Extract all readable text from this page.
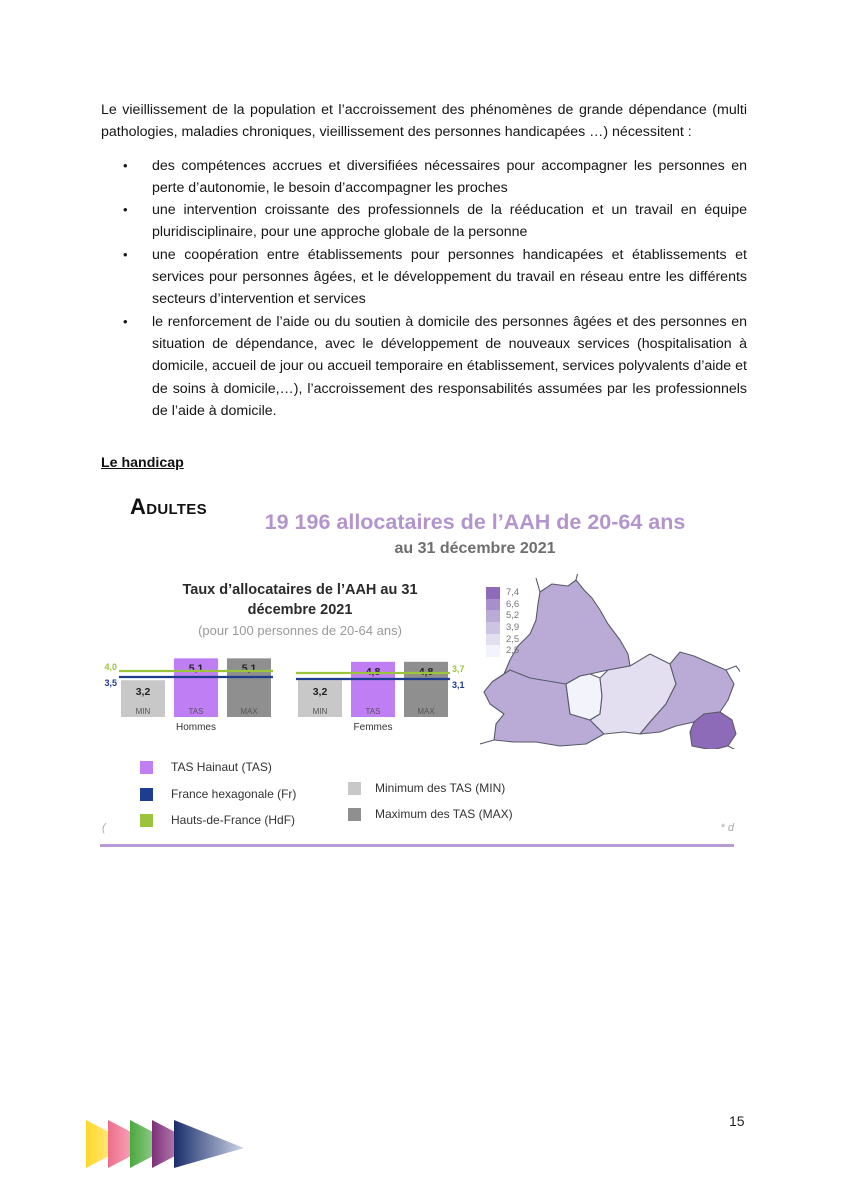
Le vieillissement de la population et l’accroissement des phénomènes de grande dépendance (multi pathologies, maladies chroniques, vieillissement des personnes handicapées …) nécessitent :

• des compétences accrues et diversifiées nécessaires pour accompagner les personnes en perte d’autonomie, le besoin d’accompagner les proches
• une intervention croissante des professionnels de la rééducation et un travail en équipe pluridisciplinaire, pour une approche globale de la personne
• une coopération entre établissements pour personnes handicapées et établissements et services pour personnes âgées, et le développement du travail en réseau entre les différents secteurs d’intervention et services
• le renforcement de l’aide ou du soutien à domicile des personnes âgées et des personnes en situation de dépendance, avec le développement de nouveaux services (hospitalisation à domicile, accueil de jour ou accueil temporaire en établissement, services polyvalents d’aide et de soins à domicile,…), l’accroissement des responsabilités assumées par les professionnels de l’aide à domicile.
Le handicap
Adultes
19 196 allocataires de l’AAH de 20-64 ans
au 31 décembre 2021
Taux d’allocataires de l’AAH au 31 décembre 2021
(pour 100 personnes de 20-64 ans)
3,2
MIN
5,1
TAS
5,1
MAX
Hommes
4,0
3,5
3,2
MIN
4,8
TAS
4,8
MAX
Femmes
3,7
3,1
7,4
6,6
5,2
3,9
2,5
2,5
TAS Hainaut (TAS)
France hexagonale (Fr)
Hauts-de-France (HdF)
Minimum des TAS (MIN)
Maximum des TAS (MAX)
(	* d
15
